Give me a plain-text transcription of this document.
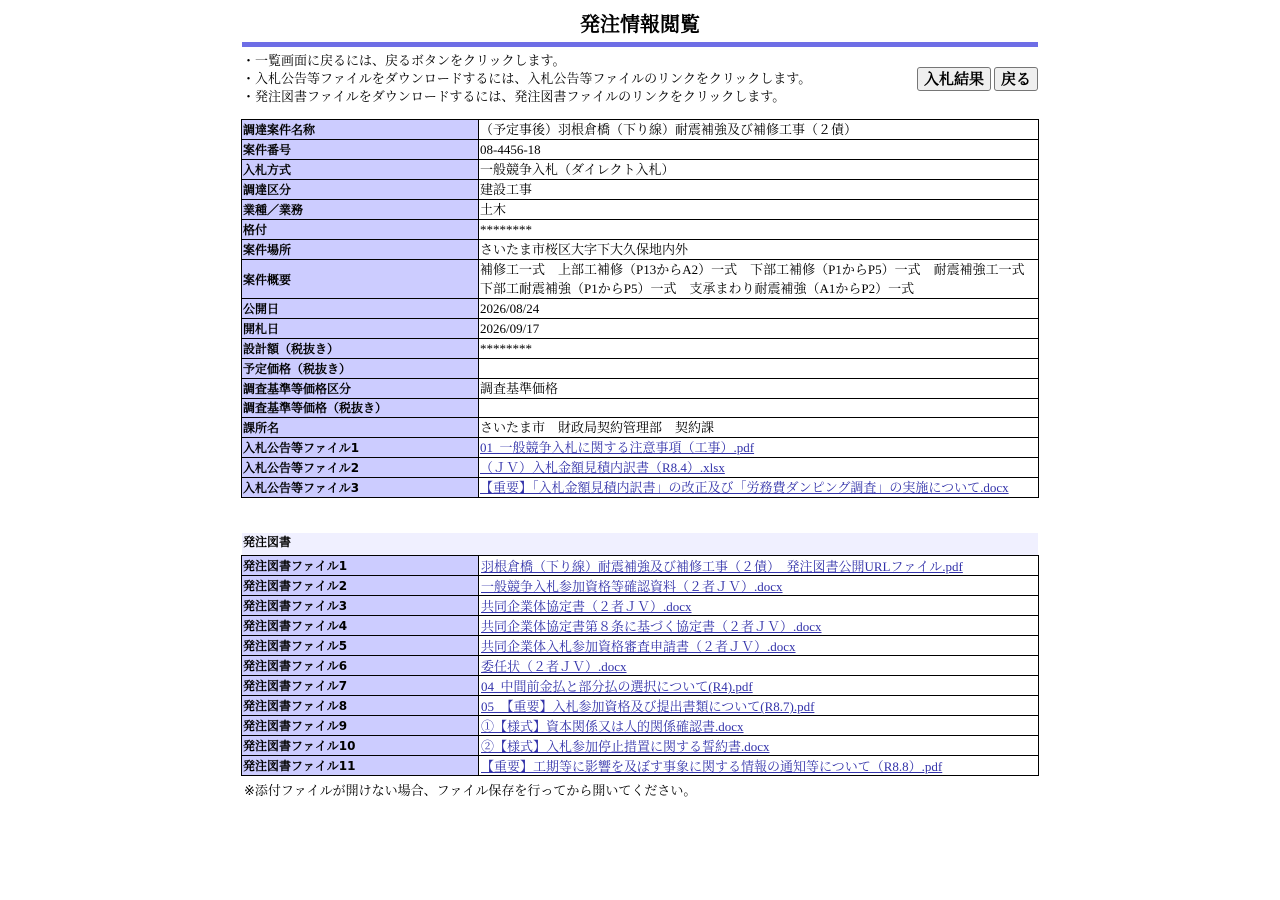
発注情報閲覧
・一覧画面に戻るには、戻るボタンをクリックします。
・入札公告等ファイルをダウンロードするには、入札公告等ファイルのリンクをクリックします。
・発注図書ファイルをダウンロードするには、発注図書ファイルのリンクをクリックします。
入札結果	戻る
調達案件名称	（予定事後）羽根倉橋（下り線）耐震補強及び補修工事（２債）
案件番号	08-4456-18
入札方式	一般競争入札（ダイレクト入札）
調達区分	建設工事
業種／業務	土木
格付	********
案件場所	さいたま市桜区大字下大久保地内外
案件概要	補修工一式　上部工補修（P13からA2）一式　下部工補修（P1からP5）一式　耐震補強工一式
下部工耐震補強（P1からP5）一式　支承まわり耐震補強（A1からP2）一式

公開日	2026/08/24
開札日	2026/09/17
設計額（税抜き）	********
予定価格（税抜き）	
調査基準等価格区分	調査基準価格
調査基準等価格（税抜き）	
課所名	さいたま市　財政局契約管理部　契約課
入札公告等ファイル1	01_一般競争入札に関する注意事項（工事）.pdf
入札公告等ファイル2	（ＪＶ）入札金額見積内訳書（R8.4）.xlsx
入札公告等ファイル3	【重要】「入札金額見積内訳書」の改正及び「労務費ダンピング調査」の実施について.docx
発注図書
発注図書ファイル1	羽根倉橋（下り線）耐震補強及び補修工事（２債）_発注図書公開URLファイル.pdf
発注図書ファイル2	一般競争入札参加資格等確認資料（２者ＪＶ）.docx
発注図書ファイル3	共同企業体協定書（２者ＪＶ）.docx
発注図書ファイル4	共同企業体協定書第８条に基づく協定書（２者ＪＶ）.docx
発注図書ファイル5	共同企業体入札参加資格審査申請書（２者ＪＶ）.docx
発注図書ファイル6	委任状（２者ＪＶ）.docx
発注図書ファイル7	04_中間前金払と部分払の選択について(R4).pdf
発注図書ファイル8	05_【重要】入札参加資格及び提出書類について(R8.7).pdf
発注図書ファイル9	①【様式】資本関係又は人的関係確認書.docx
発注図書ファイル10	②【様式】入札参加停止措置に関する誓約書.docx
発注図書ファイル11	【重要】工期等に影響を及ぼす事象に関する情報の通知等について（R8.8）.pdf
※添付ファイルが開けない場合、ファイル保存を行ってから開いてください。
